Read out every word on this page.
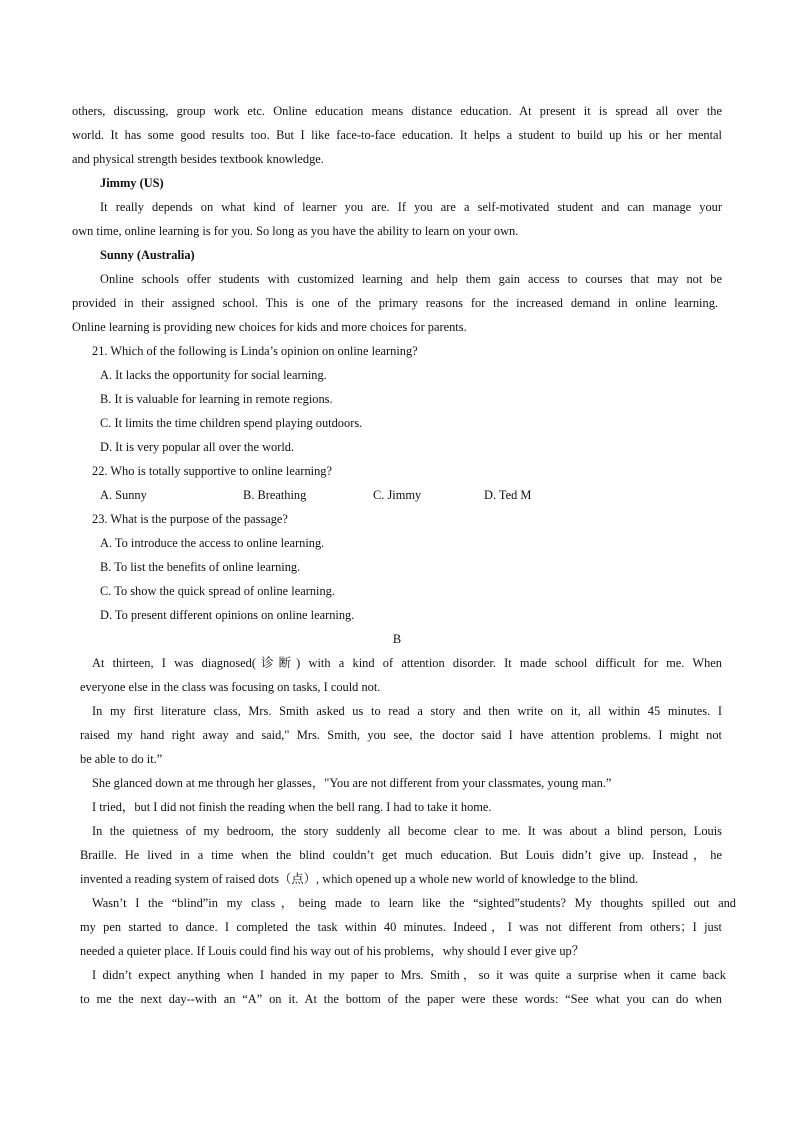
others, discussing, group work etc. Online education means distance education. At present it is spread all over the
world. It has some good results too. But I like face-to-face education. It helps a student to build up his or her mental
and physical strength besides textbook knowledge.
Jimmy (US)
It really depends on what kind of learner you are. If you are a self-motivated student and can manage your
own time, online learning is for you. So long as you have the ability to learn on your own.
Sunny (Australia)
Online schools offer students with customized learning and help them gain access to courses that may not be
provided in their assigned school. This is one of the primary reasons for the increased demand in online learning.
Online learning is providing new choices for kids and more choices for parents.
21. Which of the following is Linda’s opinion on online learning?
A. It lacks the opportunity for social learning.
B. It is valuable for learning in remote regions.
C. It limits the time children spend playing outdoors.
D. It is very popular all over the world.
22. Who is totally supportive to online learning?
A. Sunny	B. Breathing	C. Jimmy	D. Ted M
23. What is the purpose of the passage?
A. To introduce the access to online learning.
B. To list the benefits of online learning.
C. To show the quick spread of online learning.
D. To present different opinions on online learning.
B
At thirteen, I was diagnosed(诊断) with a kind of attention disorder. It made school difficult for me. When
everyone else in the class was focusing on tasks, I could not.
In my first literature class, Mrs. Smith asked us to read a story and then write on it, all within 45 minutes. I
raised my hand right away and said," Mrs. Smith, you see, the doctor said I have attention problems. I might not
be able to do it.”
She glanced down at me through her glasses，"You are not different from your classmates, young man.”
I tried，but I did not finish the reading when the bell rang. I had to take it home.
In the quietness of my bedroom, the story suddenly all become clear to me. It was about a blind person, Louis
Braille. He lived in a time when the blind couldn’t get much education. But Louis didn’t give up. Instead，he
invented a reading system of raised dots（点）, which opened up a whole new world of knowledge to the blind.
Wasn’t I the “blind”in my class，being made to learn like the “sighted”students? My thoughts spilled out and
my pen started to dance. I completed the task within 40 minutes. Indeed，I was not different from others；I just
needed a quieter place. If Louis could find his way out of his problems，why should I ever give up？
I didn’t expect anything when I handed in my paper to Mrs. Smith，so it was quite a surprise when it came back
to me the next day--with an “A” on it. At the bottom of the paper were these words: “See what you can do when
